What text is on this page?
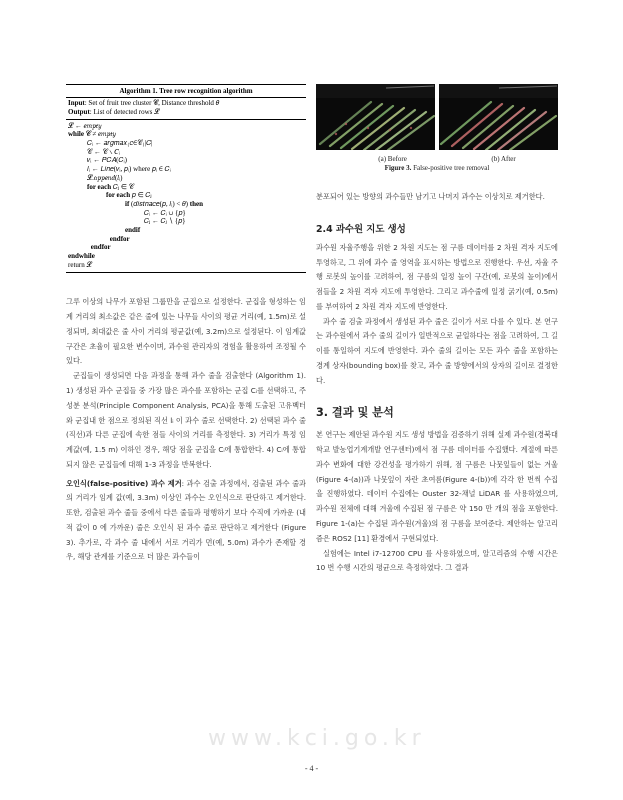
Algorithm 1. Tree row recognition algorithm
Input: Set of fruit tree cluster 𝓒, Distance threshold 𝜃
Output: List of detected rows 𝓛
𝓛 ← 𝑒𝑚𝑝𝑡𝑦
while 𝓒 ≠ 𝑒𝑚𝑝𝑡𝑦
𝐶ᵢ ← 𝑎𝑟𝑔𝑚𝑎𝑥₍𝑐∈𝒞₎|𝐶|
𝒞 ← 𝒞 ∖ 𝐶ᵢ
𝑣ᵢ ← 𝑃𝐶𝐴(𝐶ᵢ)
𝑙ᵢ ← 𝐿𝑖𝑛𝑒(𝑣ᵢ, 𝑝ᵢ) where 𝑝ᵢ ∈ 𝐶ᵢ
𝓛.𝑎𝑝𝑝𝑒𝑛𝑑(𝑙ᵢ)
for each 𝐶ⱼ ∈ 𝒞
for each 𝑝 ∈ 𝐶ⱼ
if (𝑑𝑖𝑠𝑡𝑛𝑎𝑐𝑒(𝑝, 𝑙ᵢ) < 𝜃) then
𝐶ᵢ ← 𝐶ᵢ ∪ {𝑝}
𝐶ⱼ ← 𝐶ⱼ ∖ {𝑝}
endif
endfor
endfor
endwhile
return 𝓛

그루 이상의 나무가 포함된 그룹만을 군집으로 설정한다. 군집을 형성하는 임계 거리의 최소값은 같은 줄에 있는 나무들 사이의 평균 거리(예, 1.5m)로 설정되며, 최대값은 줄 사이 거리의 평균값(예, 3.2m)으로 설정된다. 이 임계값 구간은 초율이 필요한 변수이며, 과수원 관리자의 경험을 활용하여 조정될 수 있다.

군집들이 생성되면 다음 과정을 통해 과수 줄을 검출한다 (Algorithm 1). 1) 생성된 과수 군집들 중 가장 많은 과수를 포함하는 군집 Cᵢ를 선택하고, 주성분 분석(Principle Component Analysis, PCA)을 통해 도출된 고유벡터와 군집내 한 점으로 정의된 직선 lᵢ 이 과수 줄로 선택한다. 2) 선택된 과수 줄(직선)과 다른 군집에 속한 점들 사이의 거리를 측정한다. 3) 거리가 특정 임계값(예, 1.5 m) 이하인 경우, 해당 점을 군집을 Cᵢ에 통합한다. 4) Cᵢ에 통합되지 않은 군집들에 대해 1-3 과정을 반복한다.

오인식(false-positive) 과수 제거: 과수 검출 과정에서, 검출된 과수 줄과의 거리가 임계 값(예, 3.3m) 이상인 과수는 오인식으로 판단하고 제거한다. 또한, 검출된 과수 줄들 중에서 다른 줄들과 평행하기 보다 수직에 가까운 (내적 값이 0 에 가까운) 줄은 오인식 된 과수 줄로 판단하고 제거한다 (Figure 3). 추가로, 각 과수 줄 내에서 서로 거리가 먼(예, 5.0m) 과수가 존재할 경우, 해당 관계를 기준으로 더 많은 과수들이

(a) Before	(b) After
Figure 3. False-positive tree removal

분포되어 있는 방향의 과수들만 남기고 나머지 과수는 이상치로 제거한다.

2.4 과수원 지도 생성

과수원 자율주행을 위한 2 차원 지도는 점 구름 데이터를 2 차원 격자 지도에 투영하고, 그 위에 과수 줄 영역을 표시하는 방법으로 진행한다. 우선, 자율 주행 로봇의 높이를 고려하여, 점 구름의 일정 높이 구간(예, 로봇의 높이)에서 점들을 2 차원 격자 지도에 투영한다. 그리고 과수줄에 일정 굵기(예, 0.5m)를 부여하여 2 차원 격자 지도에 반영한다.

과수 줄 검출 과정에서 생성된 과수 줄은 길이가 서로 다를 수 있다. 본 연구는 과수원에서 과수 줄의 길이가 일반적으로 균일하다는 점을 고려하여, 그 길이를 통일하여 지도에 반영한다. 과수 줄의 길이는 모든 과수 줄을 포함하는 경계 상자(bounding box)를 찾고, 과수 줄 방향에서의 상자의 길이로 결정한다.

3. 결과 및 분석

본 연구는 제안된 과수원 지도 생성 방법을 검증하기 위해 실제 과수원(경북대학교 발농업기계개발 연구센터)에서 점 구름 데이터를 수집했다. 계절에 따른 과수 변화에 대한 강건성을 평가하기 위해, 점 구름은 나뭇잎들이 없는 겨울(Figure 4-(a))과 나뭇잎이 자란 초여름(Figure 4-(b))에 각각 한 번씩 수집을 진행하였다. 데이터 수집에는 Ouster 32-채널 LiDAR 를 사용하였으며, 과수원 전체에 대해 겨울에 수집된 점 구름은 약 150 만 개의 점을 포함한다. Figure 1-(a)는 수집된 과수원(겨울)의 점 구름을 보여준다. 제안하는 알고리즘은 ROS2 [11] 환경에서 구현되었다.

실험에는 Intel i7-12700 CPU 를 사용하였으며, 알고리즘의 수행 시간은 10 번 수행 시간의 평균으로 측정하였다. 그 결과

www.kci.go.kr
- 4 -
